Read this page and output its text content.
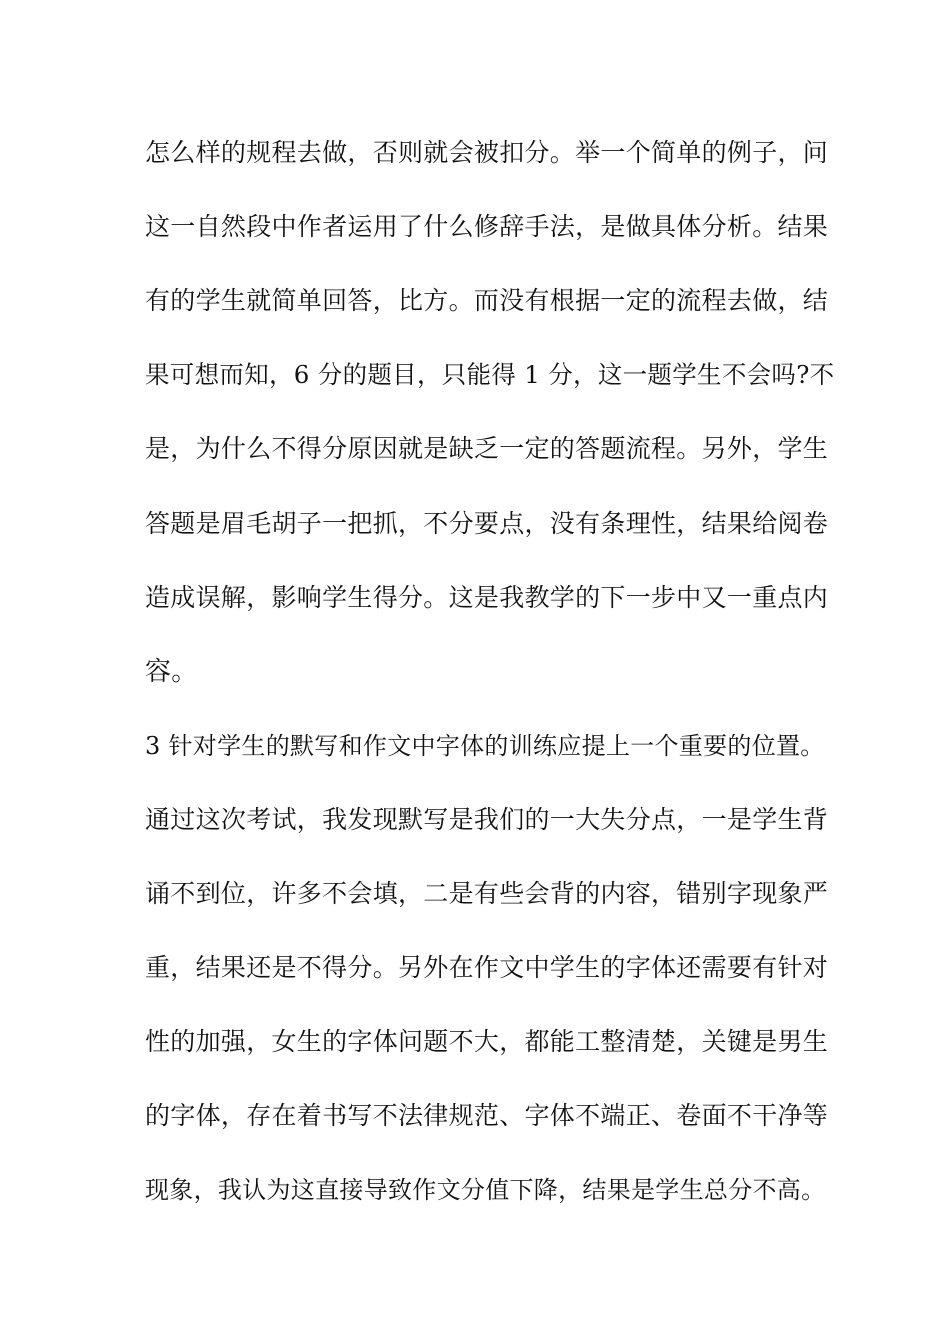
怎么样的规程去做，否则就会被扣分。举一个简单的例子，问
这一自然段中作者运用了什么修辞手法，是做具体分析。结果
有的学生就简单回答，比方。而没有根据一定的流程去做，结
果可想而知，6 分的题目，只能得 1 分，这一题学生不会吗?不
是，为什么不得分原因就是缺乏一定的答题流程。另外，学生
答题是眉毛胡子一把抓，不分要点，没有条理性，结果给阅卷
造成误解，影响学生得分。这是我教学的下一步中又一重点内
容。
3 针对学生的默写和作文中字体的训练应提上一个重要的位置。
通过这次考试，我发现默写是我们的一大失分点，一是学生背
诵不到位，许多不会填，二是有些会背的内容，错别字现象严
重，结果还是不得分。另外在作文中学生的字体还需要有针对
性的加强，女生的字体问题不大，都能工整清楚，关键是男生
的字体，存在着书写不法律规范、字体不端正、卷面不干净等
现象，我认为这直接导致作文分值下降，结果是学生总分不高。
